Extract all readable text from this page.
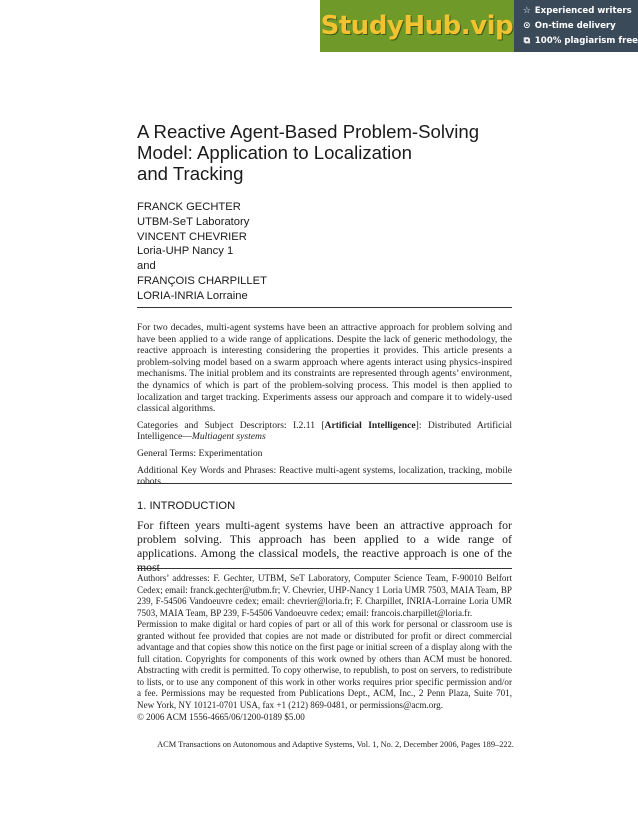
StudyHub.vip ☆ Experienced writers
⊙ On-time delivery
⧉ 100% plagiarism free
A Reactive Agent-Based Problem-Solving
Model: Application to Localization
and Tracking
FRANCK GECHTER
UTBM-SeT Laboratory
VINCENT CHEVRIER
Loria-UHP Nancy 1
and
FRANÇOIS CHARPILLET
LORIA-INRIA Lorraine

For two decades, multi-agent systems have been an attractive approach for problem solving and have been applied to a wide range of applications. Despite the lack of generic methodology, the reactive approach is interesting considering the properties it provides. This article presents a problem-solving model based on a swarm approach where agents interact using physics-inspired mechanisms. The initial problem and its constraints are represented through agents’ environment, the dynamics of which is part of the problem-solving process. This model is then applied to localization and target tracking. Experiments assess our approach and compare it to widely-used classical algorithms.

Categories and Subject Descriptors: I.2.11 [Artificial Intelligence]: Distributed Artificial Intelligence—Multiagent systems

General Terms: Experimentation

Additional Key Words and Phrases: Reactive multi-agent systems, localization, tracking, mobile robots

1. INTRODUCTION

For fifteen years multi-agent systems have been an attractive approach for problem solving. This approach has been applied to a wide range of applications. Among the classical models, the reactive approach is one of the most

Authors’ addresses: F. Gechter, UTBM, SeT Laboratory, Computer Science Team, F-90010 Belfort Cedex; email: franck.gechter@utbm.fr; V. Chevrier, UHP-Nancy 1 Loria UMR 7503, MAIA Team, BP 239, F-54506 Vandoeuvre cedex; email: chevrier@loria.fr; F. Charpillet, INRIA-Lorraine Loria UMR 7503, MAIA Team, BP 239, F-54506 Vandoeuvre cedex; email: francois.charpillet@loria.fr.

Permission to make digital or hard copies of part or all of this work for personal or classroom use is granted without fee provided that copies are not made or distributed for profit or direct commercial advantage and that copies show this notice on the first page or initial screen of a display along with the full citation. Copyrights for components of this work owned by others than ACM must be honored. Abstracting with credit is permitted. To copy otherwise, to republish, to post on servers, to redistribute to lists, or to use any component of this work in other works requires prior specific permission and/or a fee. Permissions may be requested from Publications Dept., ACM, Inc., 2 Penn Plaza, Suite 701, New York, NY 10121-0701 USA, fax +1 (212) 869-0481, or permissions@acm.org.

© 2006 ACM 1556-4665/06/1200-0189 $5.00

ACM Transactions on Autonomous and Adaptive Systems, Vol. 1, No. 2, December 2006, Pages 189–222.
